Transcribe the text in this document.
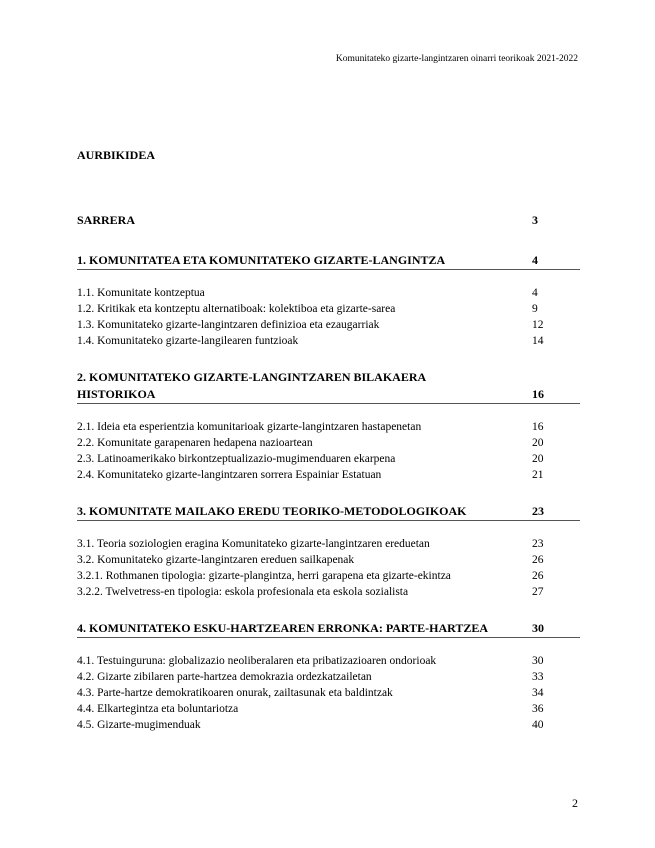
Komunitateko gizarte-langintzaren oinarri teorikoak 2021-2022
AURBIKIDEA
SARRERA	3
1. KOMUNITATEA ETA KOMUNITATEKO GIZARTE-LANGINTZA	4
1.1. Komunitate kontzeptua	4
1.2. Kritikak eta kontzeptu alternatiboak: kolektiboa eta gizarte-sarea	9
1.3. Komunitateko gizarte-langintzaren definizioa eta ezaugarriak	12
1.4. Komunitateko gizarte-langilearen funtzioak	14
2. KOMUNITATEKO GIZARTE-LANGINTZAREN BILAKAERA
HISTORIKOA	16
2.1. Ideia eta esperientzia komunitarioak gizarte-langintzaren hastapenetan	16
2.2. Komunitate garapenaren hedapena nazioartean	20
2.3. Latinoamerikako birkontzeptualizazio-mugimenduaren ekarpena	20
2.4. Komunitateko gizarte-langintzaren sorrera Espainiar Estatuan	21
3. KOMUNITATE MAILAKO EREDU TEORIKO-METODOLOGIKOAK	23
3.1. Teoria soziologien eragina Komunitateko gizarte-langintzaren ereduetan	23
3.2. Komunitateko gizarte-langintzaren ereduen sailkapenak	26
3.2.1. Rothmanen tipologia: gizarte-plangintza, herri garapena eta gizarte-ekintza	26
3.2.2. Twelvetress-en tipologia: eskola profesionala eta eskola sozialista	27
4. KOMUNITATEKO ESKU-HARTZEAREN ERRONKA: PARTE-HARTZEA	30
4.1. Testuinguruna: globalizazio neoliberalaren eta pribatizazioaren ondorioak	30
4.2. Gizarte zibilaren parte-hartzea demokrazia ordezkatzailetan	33
4.3. Parte-hartze demokratikoaren onurak, zailtasunak eta baldintzak	34
4.4. Elkartegintza eta boluntariotza	36
4.5. Gizarte-mugimenduak	40
2
